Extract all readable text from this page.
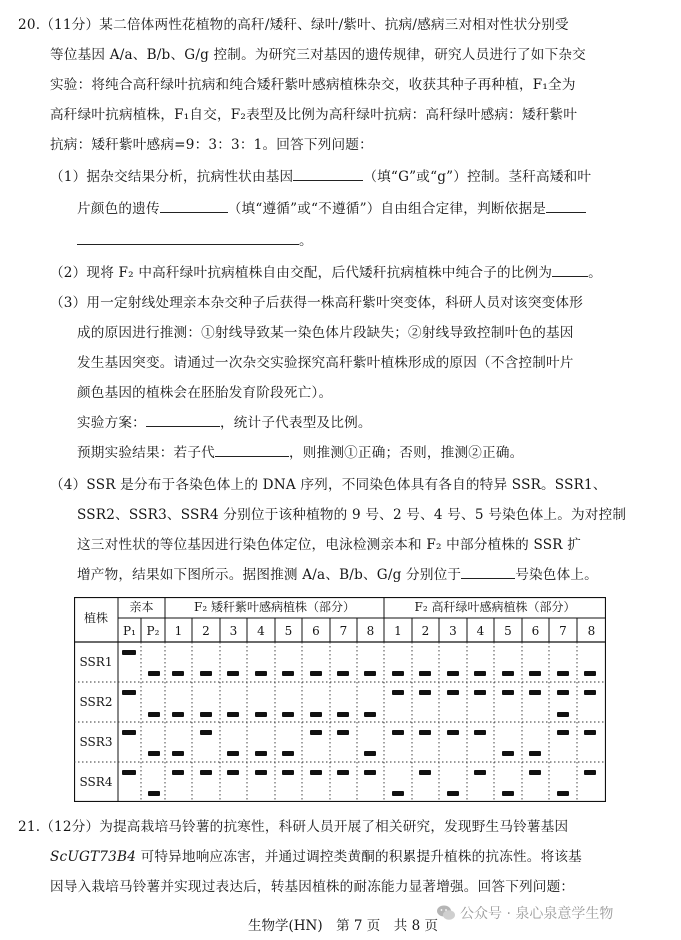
20.（11分）某二倍体两性花植物的高秆/矮秆、绿叶/紫叶、抗病/感病三对相对性状分别受
等位基因 A/a、B/b、G/g 控制。为研究三对基因的遗传规律，研究人员进行了如下杂交
实验：将纯合高秆绿叶抗病和纯合矮秆紫叶感病植株杂交，收获其种子再种植，F₁全为
高秆绿叶抗病植株，F₁自交，F₂表型及比例为高秆绿叶抗病：高秆绿叶感病：矮秆紫叶
抗病：矮秆紫叶感病=9：3：3：1。回答下列问题：
（1）据杂交结果分析，抗病性状由基因	（填“G”或“g”）控制。茎秆高矮和叶
片颜色的遗传	（填“遵循”或“不遵循”）自由组合定律，判断依据是
。
（2）现将 F₂ 中高秆绿叶抗病植株自由交配，后代矮秆抗病植株中纯合子的比例为	。
（3）用一定射线处理亲本杂交种子后获得一株高秆紫叶突变体，科研人员对该突变体形
成的原因进行推测：①射线导致某一染色体片段缺失；②射线导致控制叶色的基因
发生基因突变。请通过一次杂交实验探究高秆紫叶植株形成的原因（不含控制叶片
颜色基因的植株会在胚胎发育阶段死亡）。
实验方案：	，统计子代表型及比例。
预期实验结果：若子代	，则推测①正确；否则，推测②正确。
（4）SSR 是分布于各染色体上的 DNA 序列，不同染色体具有各自的特异 SSR。SSR1、
SSR2、SSR3、SSR4 分别位于该种植物的 9 号、2 号、4 号、5 号染色体上。为对控制
这三对性状的等位基因进行染色体定位，电泳检测亲本和 F₂ 中部分植株的 SSR 扩
增产物，结果如下图所示。据图推测 A/a、B/b、G/g 分别位于	号染色体上。
植株
亲本	F₂ 矮秆紫叶感病植株（部分）	F₂ 高秆绿叶感病植株（部分）
P₁ P₂	1	2	3	4	5	6	7	8	1	2	3	4	5	6	7	8
SSR1
SSR2
SSR3
SSR4
21.（12分）为提高栽培马铃薯的抗寒性，科研人员开展了相关研究，发现野生马铃薯基因
ScUGT73B4 可特异地响应冻害，并通过调控类黄酮的积累提升植株的抗冻性。将该基
因导入栽培马铃薯并实现过表达后，转基因植株的耐冻能力显著增强。回答下列问题：
生物学(HN)　第 7 页　共 8 页
公众号 · 泉心泉意学生物
